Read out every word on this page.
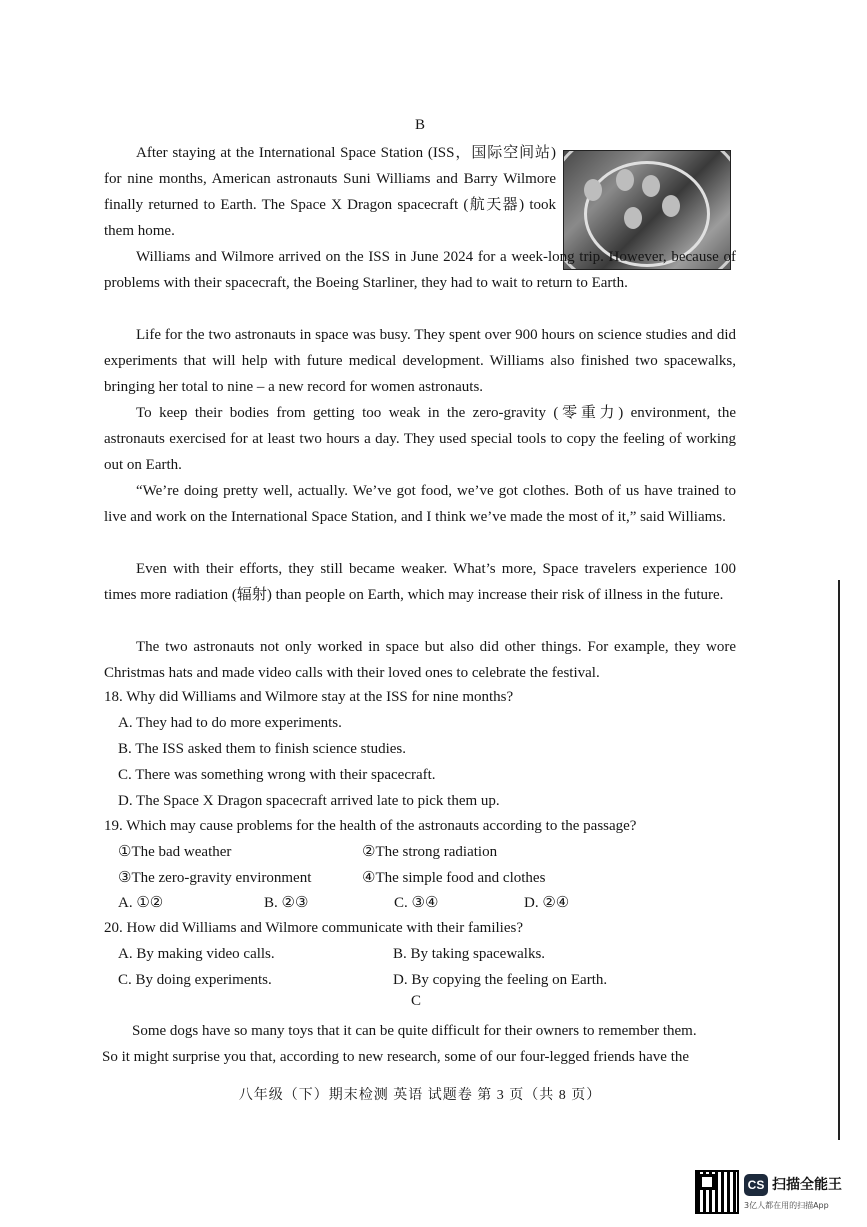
B

After staying at the International Space Station (ISS，国际空间站) for nine months, American astronauts Suni Williams and Barry Wilmore finally returned to Earth. The Space X Dragon spacecraft (航天器) took them home.

Williams and Wilmore arrived on the ISS in June 2024 for a week-long trip. However, because of problems with their spacecraft, the Boeing Starliner, they had to wait to return to Earth.

Life for the two astronauts in space was busy. They spent over 900 hours on science studies and did experiments that will help with future medical development. Williams also finished two spacewalks, bringing her total to nine – a new record for women astronauts.

To keep their bodies from getting too weak in the zero-gravity (零重力) environment, the astronauts exercised for at least two hours a day. They used special tools to copy the feeling of working out on Earth.

“We’re doing pretty well, actually. We’ve got food, we’ve got clothes. Both of us have trained to live and work on the International Space Station, and I think we’ve made the most of it,” said Williams.

Even with their efforts, they still became weaker. What’s more, Space travelers experience 100 times more radiation (辐射) than people on Earth, which may increase their risk of illness in the future.

The two astronauts not only worked in space but also did other things. For example, they wore Christmas hats and made video calls with their loved ones to celebrate the festival.

18. Why did Williams and Wilmore stay at the ISS for nine months?
A. They had to do more experiments.
B. The ISS asked them to finish science studies.
C. There was something wrong with their spacecraft.
D. The Space X Dragon spacecraft arrived late to pick them up.
19. Which may cause problems for the health of the astronauts according to the passage?
①The bad weather	②The strong radiation
③The zero-gravity environment	④The simple food and clothes
A. ①②	B. ②③	C. ③④	D. ②④
20. How did Williams and Wilmore communicate with their families?
A. By making video calls.	B. By taking spacewalks.
C. By doing experiments.	D. By copying the feeling on Earth.
C
Some dogs have so many toys that it can be quite difficult for their owners to remember them.
So it might surprise you that, according to new research, some of our four-legged friends have the
八年级（下）期末检测 英语 试题卷 第 3 页（共 8 页）
CS 扫描全能王
3亿人都在用的扫描App
